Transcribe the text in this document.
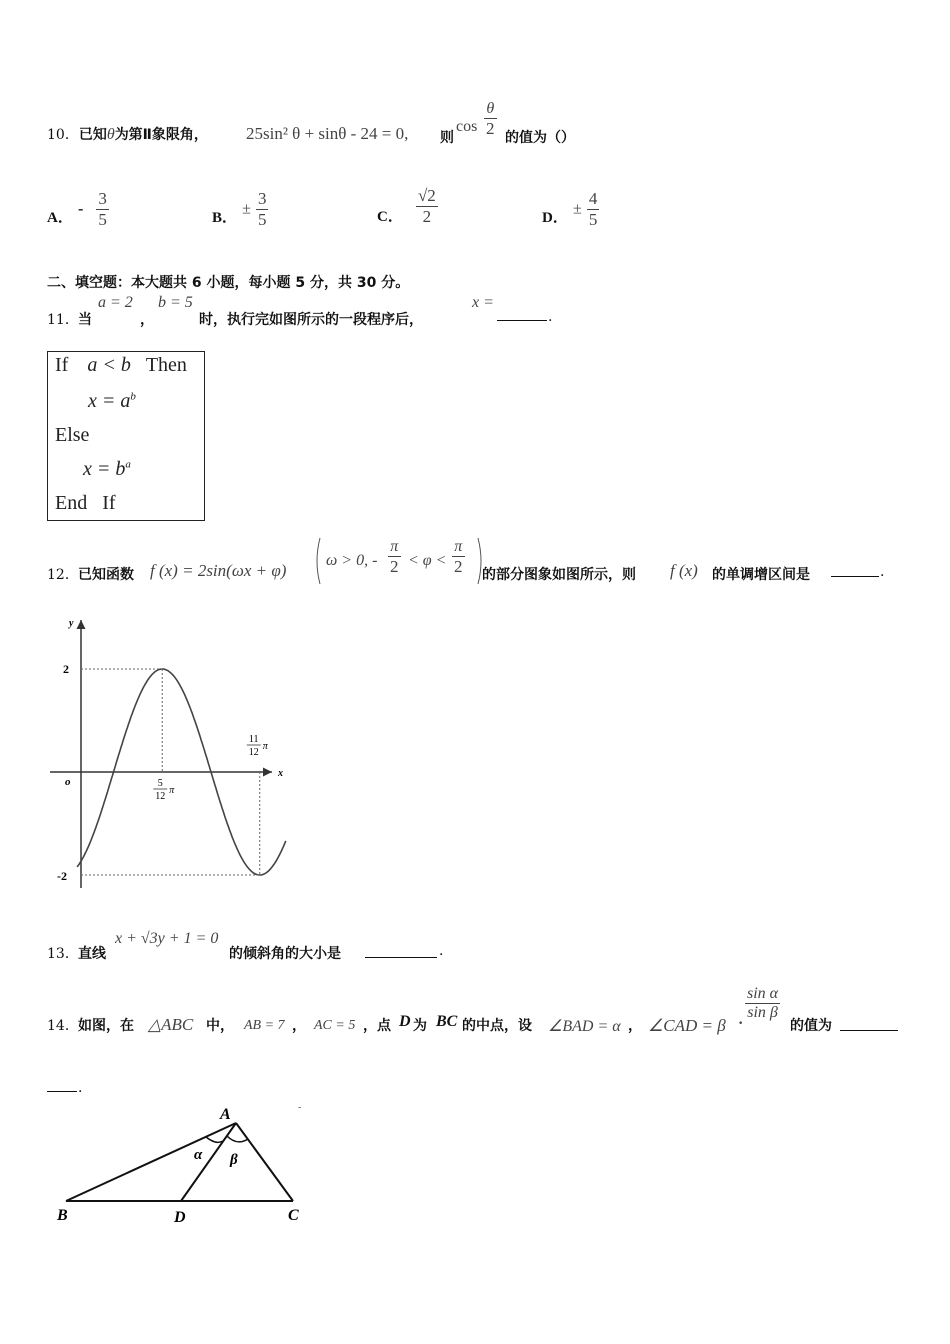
10．已知θ为第Ⅱ象限角， 25sin² θ + sinθ - 24 = 0, 则
cos
θ
2 的值为（）
A． - $\frac{3}{5}$	B． ± $\frac{3}{5}$	C． $\frac{√2}{2}$	D． ± $\frac{4}{5}$
二、填空题：本大题共 6 小题，每小题 5 分，共 30 分。
11． 当
a = 2
，
b = 5
时，执行完如图所示的一段程序后，
x =
.
If a < b Then
$x = a^b$
Else
$x = b^a$
End   If
12． 已知函数 f (x) = 2sin(ωx + φ)
ω > 0, -
π
2 < φ <
π
2 的部分图象如图所示，则 f (x) 的单调增区间是	.
x
y
o
2
-2
5
12
π
11
12
π
13． 直线
x + √3y + 1 = 0
的倾斜角的大小是	.
14． 如图，在 △ABC 中， AB = 7 ， AC = 5 ，点 D 为 BC 的中点，设 ∠BAD = α ， ∠CAD = β ·
sin α
sin β
的值为
.
A
B	D	C
α β
-
